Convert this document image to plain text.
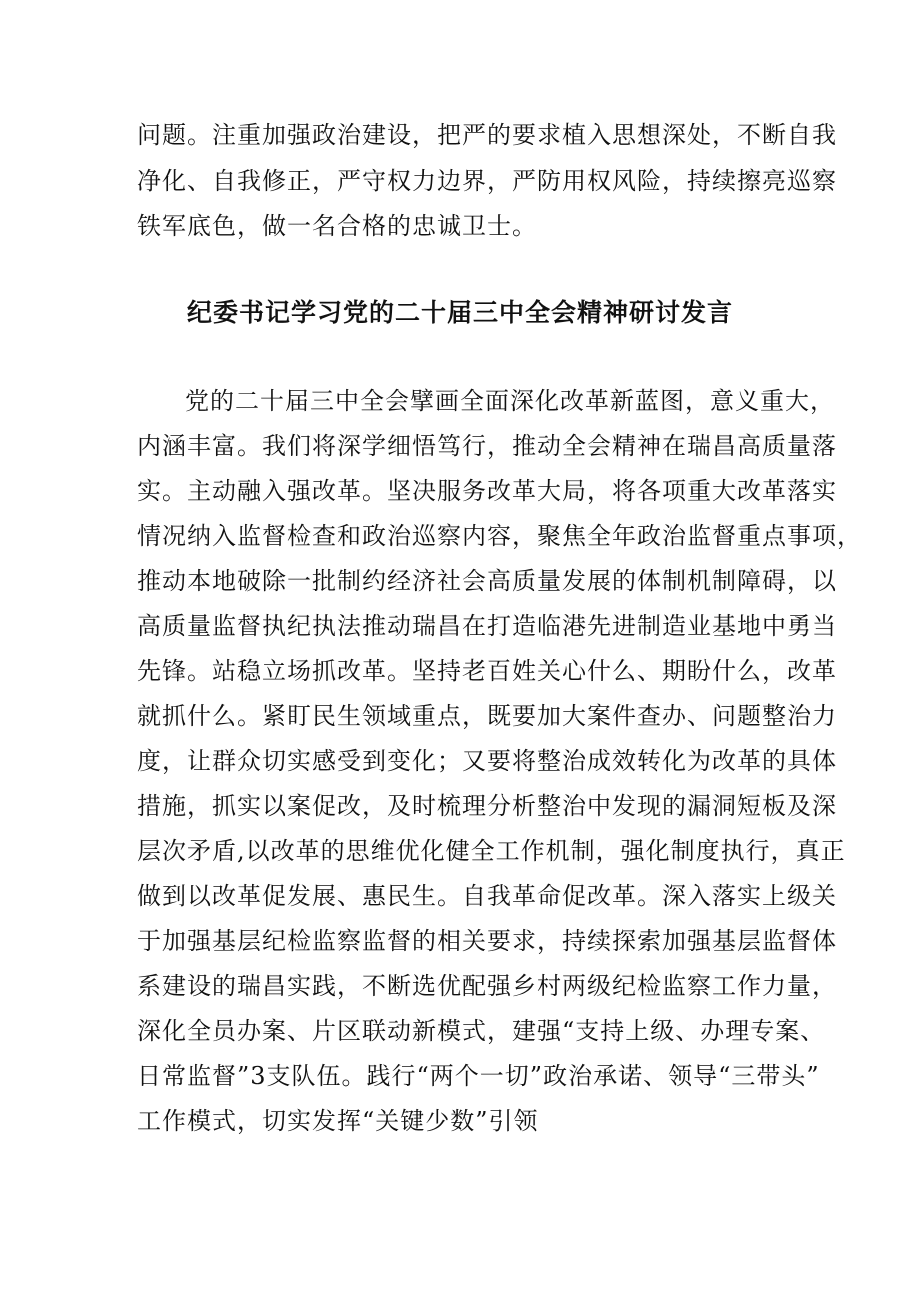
问题。注重加强政治建设，把严的要求植入思想深处，不断自我
净化、自我修正，严守权力边界，严防用权风险，持续擦亮巡察
铁军底色，做一名合格的忠诚卫士。
纪委书记学习党的二十届三中全会精神研讨发言
党的二十届三中全会擘画全面深化改革新蓝图，意义重大，
内涵丰富。我们将深学细悟笃行，推动全会精神在瑞昌高质量落
实。主动融入强改革。坚决服务改革大局，将各项重大改革落实
情况纳入监督检查和政治巡察内容，聚焦全年政治监督重点事项，
推动本地破除一批制约经济社会高质量发展的体制机制障碍，以
高质量监督执纪执法推动瑞昌在打造临港先进制造业基地中勇当
先锋。站稳立场抓改革。坚持老百姓关心什么、期盼什么，改革
就抓什么。紧盯民生领域重点，既要加大案件查办、问题整治力
度，让群众切实感受到变化；又要将整治成效转化为改革的具体
措施，抓实以案促改，及时梳理分析整治中发现的漏洞短板及深
层次矛盾,以改革的思维优化健全工作机制，强化制度执行，真正
做到以改革促发展、惠民生。自我革命促改革。深入落实上级关
于加强基层纪检监察监督的相关要求，持续探索加强基层监督体
系建设的瑞昌实践，不断选优配强乡村两级纪检监察工作力量，
深化全员办案、片区联动新模式，建强“支持上级、办理专案、
日常监督”3支队伍。践行“两个一切”政治承诺、领导“三带头”
工作模式，切实发挥“关键少数”引领
